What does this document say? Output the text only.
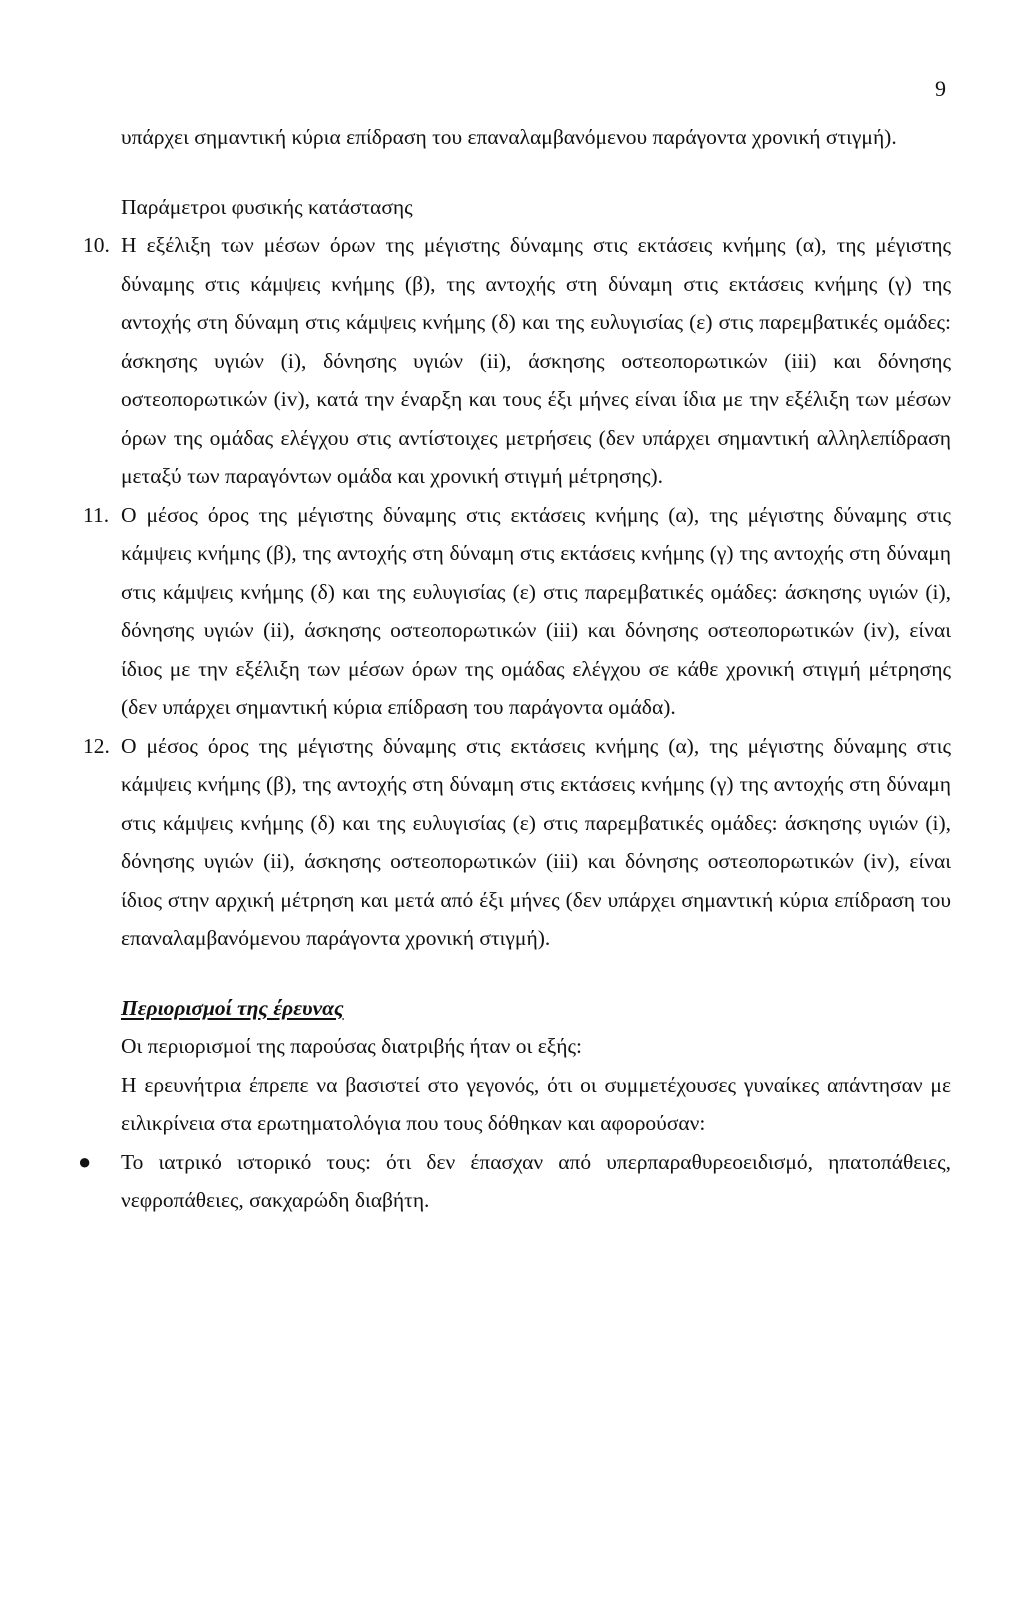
9

υπάρχει σημαντική κύρια επίδραση του επαναλαμβανόμενου παράγοντα χρονική στιγμή).

Παράμετροι φυσικής κατάστασης

10. Η εξέλιξη των μέσων όρων της μέγιστης δύναμης στις εκτάσεις κνήμης (α), της μέγιστης δύναμης στις κάμψεις κνήμης (β), της αντοχής στη δύναμη στις εκτάσεις κνήμης (γ) της αντοχής στη δύναμη στις κάμψεις κνήμης (δ) και της ευλυγισίας (ε) στις παρεμβατικές ομάδες: άσκησης υγιών (i), δόνησης υγιών (ii), άσκησης οστεοπορωτικών (iii) και δόνησης οστεοπορωτικών (iv), κατά την έναρξη και τους έξι μήνες είναι ίδια με την εξέλιξη των μέσων όρων της ομάδας ελέγχου στις αντίστοιχες μετρήσεις (δεν υπάρχει σημαντική αλληλεπίδραση μεταξύ των παραγόντων ομάδα και χρονική στιγμή μέτρησης).

11. Ο μέσος όρος της μέγιστης δύναμης στις εκτάσεις κνήμης (α), της μέγιστης δύναμης στις κάμψεις κνήμης (β), της αντοχής στη δύναμη στις εκτάσεις κνήμης (γ) της αντοχής στη δύναμη στις κάμψεις κνήμης (δ) και της ευλυγισίας (ε) στις παρεμβατικές ομάδες: άσκησης υγιών (i), δόνησης υγιών (ii), άσκησης οστεοπορωτικών (iii) και δόνησης οστεοπορωτικών (iv), είναι ίδιος με την εξέλιξη των μέσων όρων της ομάδας ελέγχου σε κάθε χρονική στιγμή μέτρησης (δεν υπάρχει σημαντική κύρια επίδραση του παράγοντα ομάδα).

12. Ο μέσος όρος της μέγιστης δύναμης στις εκτάσεις κνήμης (α), της μέγιστης δύναμης στις κάμψεις κνήμης (β), της αντοχής στη δύναμη στις εκτάσεις κνήμης (γ) της αντοχής στη δύναμη στις κάμψεις κνήμης (δ) και της ευλυγισίας (ε) στις παρεμβατικές ομάδες: άσκησης υγιών (i), δόνησης υγιών (ii), άσκησης οστεοπορωτικών (iii) και δόνησης οστεοπορωτικών (iv), είναι ίδιος στην αρχική μέτρηση και μετά από έξι μήνες (δεν υπάρχει σημαντική κύρια επίδραση του επαναλαμβανόμενου παράγοντα χρονική στιγμή).

Περιορισμοί της έρευνας

Οι περιορισμοί της παρούσας διατριβής ήταν οι εξής:

Η ερευνήτρια έπρεπε να βασιστεί στο γεγονός, ότι οι συμμετέχουσες γυναίκες απάντησαν με ειλικρίνεια στα ερωτηματολόγια που τους δόθηκαν και αφορούσαν:

● Το ιατρικό ιστορικό τους: ότι δεν έπασχαν από υπερπαραθυρεοειδισμό, ηπατοπάθειες, νεφροπάθειες, σακχαρώδη διαβήτη.
